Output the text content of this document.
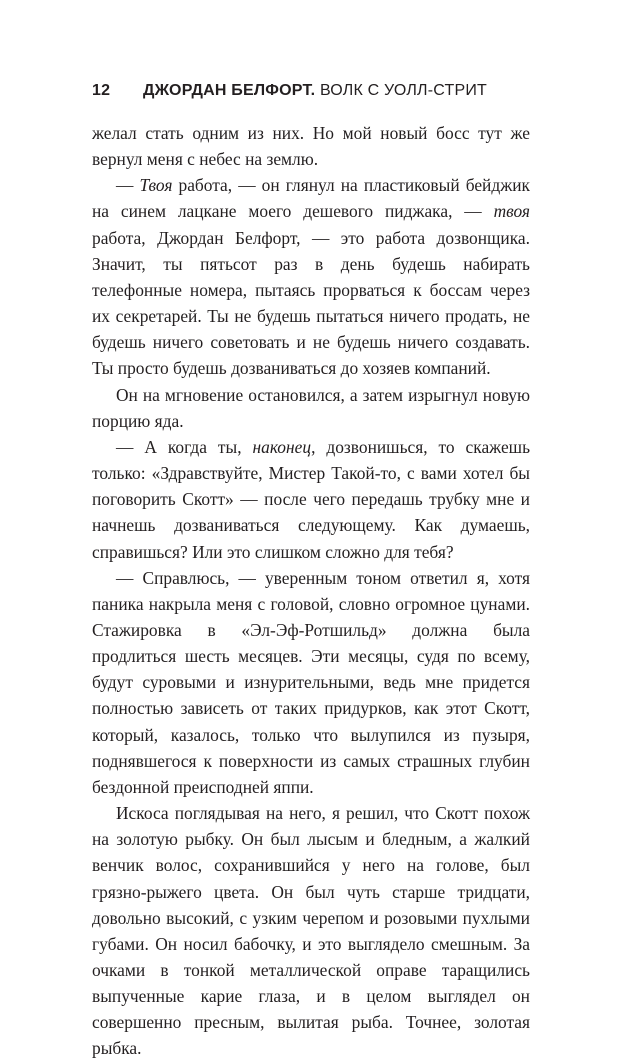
12 ДЖОРДАН БЕЛФОРТ. ВОЛК С УОЛЛ-СТРИТ

желал стать одним из них. Но мой новый босс тут же вернул меня с небес на землю.

— Твоя работа, — он глянул на пластиковый бейджик на синем лацкане моего дешевого пиджака, — твоя работа, Джордан Белфорт, — это работа дозвонщика. Значит, ты пятьсот раз в день будешь набирать телефонные номера, пытаясь прорваться к боссам через их секретарей. Ты не будешь пытаться ничего продать, не будешь ничего советовать и не будешь ничего создавать. Ты просто будешь дозваниваться до хозяев компаний.

Он на мгновение остановился, а затем изрыгнул новую порцию яда.

— А когда ты, наконец, дозвонишься, то скажешь только: «Здравствуйте, Мистер Такой-то, с вами хотел бы поговорить Скотт» — после чего передашь трубку мне и начнешь дозваниваться следующему. Как думаешь, справишься? Или это слишком сложно для тебя?

— Справлюсь, — уверенным тоном ответил я, хотя паника накрыла меня с головой, словно огромное цунами. Стажировка в «Эл-Эф-Ротшильд» должна была продлиться шесть месяцев. Эти месяцы, судя по всему, будут суровыми и изнурительными, ведь мне придется полностью зависеть от таких придурков, как этот Скотт, который, казалось, только что вылупился из пузыря, поднявшегося к поверхности из самых страшных глубин бездонной преисподней яппи.

Искоса поглядывая на него, я решил, что Скотт похож на золотую рыбку. Он был лысым и бледным, а жалкий венчик волос, сохранившийся у него на голове, был грязно-рыжего цвета. Он был чуть старше тридцати, довольно высокий, с узким черепом и розовыми пухлыми губами. Он носил бабочку, и это выглядело смешным. За очками в тонкой металлической оправе таращились выпученные карие глаза, и в целом выглядел он совершенно пресным, вылитая рыба. Точнее, золотая рыбка.
